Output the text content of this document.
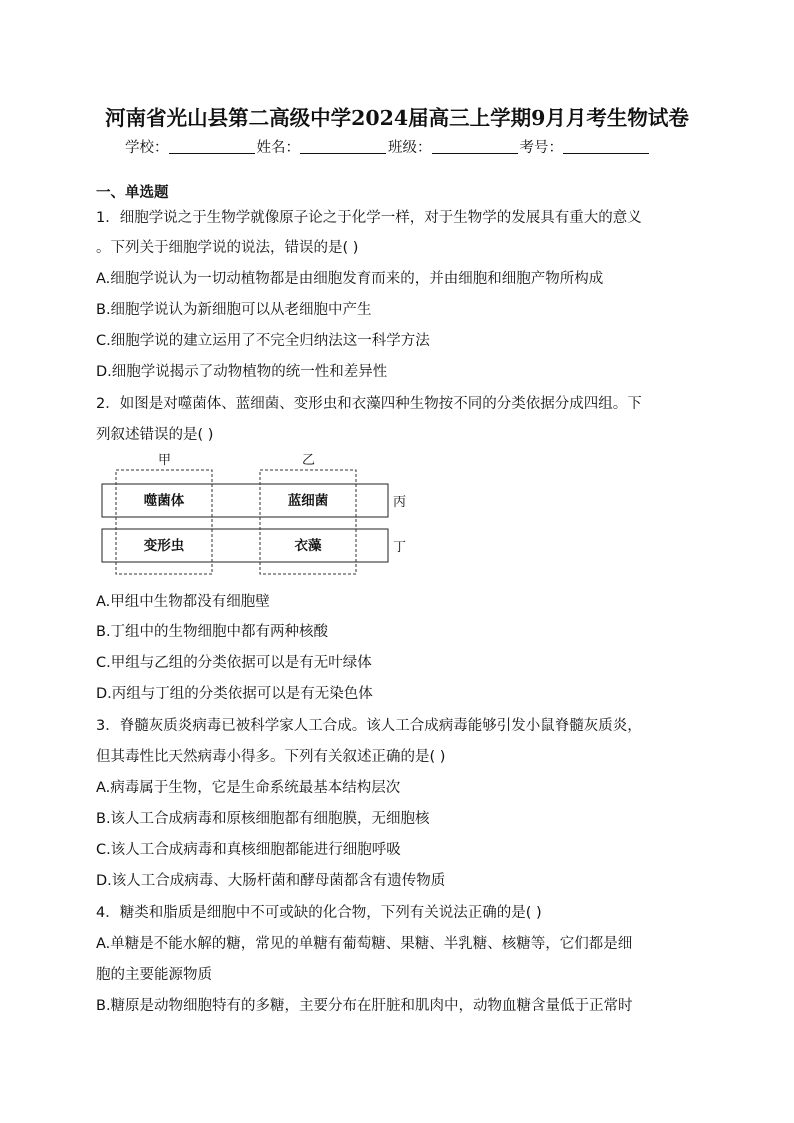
河南省光山县第二高级中学2024届高三上学期9月月考生物试卷
学校：	姓名：	班级：	考号：
一、单选题
1．细胞学说之于生物学就像原子论之于化学一样，对于生物学的发展具有重大的意义
。下列关于细胞学说的说法，错误的是( )
A.细胞学说认为一切动植物都是由细胞发育而来的，并由细胞和细胞产物所构成
B.细胞学说认为新细胞可以从老细胞中产生
C.细胞学说的建立运用了不完全归纳法这一科学方法
D.细胞学说揭示了动物植物的统一性和差异性
2．如图是对噬菌体、蓝细菌、变形虫和衣藻四种生物按不同的分类依据分成四组。下
列叙述错误的是( )
甲	乙
丙
丁
噬菌体	蓝细菌
变形虫	衣藻
A.甲组中生物都没有细胞壁
B.丁组中的生物细胞中都有两种核酸
C.甲组与乙组的分类依据可以是有无叶绿体
D.丙组与丁组的分类依据可以是有无染色体
3．脊髓灰质炎病毒已被科学家人工合成。该人工合成病毒能够引发小鼠脊髓灰质炎，
但其毒性比天然病毒小得多。下列有关叙述正确的是( )
A.病毒属于生物，它是生命系统最基本结构层次
B.该人工合成病毒和原核细胞都有细胞膜，无细胞核
C.该人工合成病毒和真核细胞都能进行细胞呼吸
D.该人工合成病毒、大肠杆菌和酵母菌都含有遗传物质
4．糖类和脂质是细胞中不可或缺的化合物，下列有关说法正确的是( )
A.单糖是不能水解的糖，常见的单糖有葡萄糖、果糖、半乳糖、核糖等，它们都是细
胞的主要能源物质
B.糖原是动物细胞特有的多糖，主要分布在肝脏和肌肉中，动物血糖含量低于正常时
